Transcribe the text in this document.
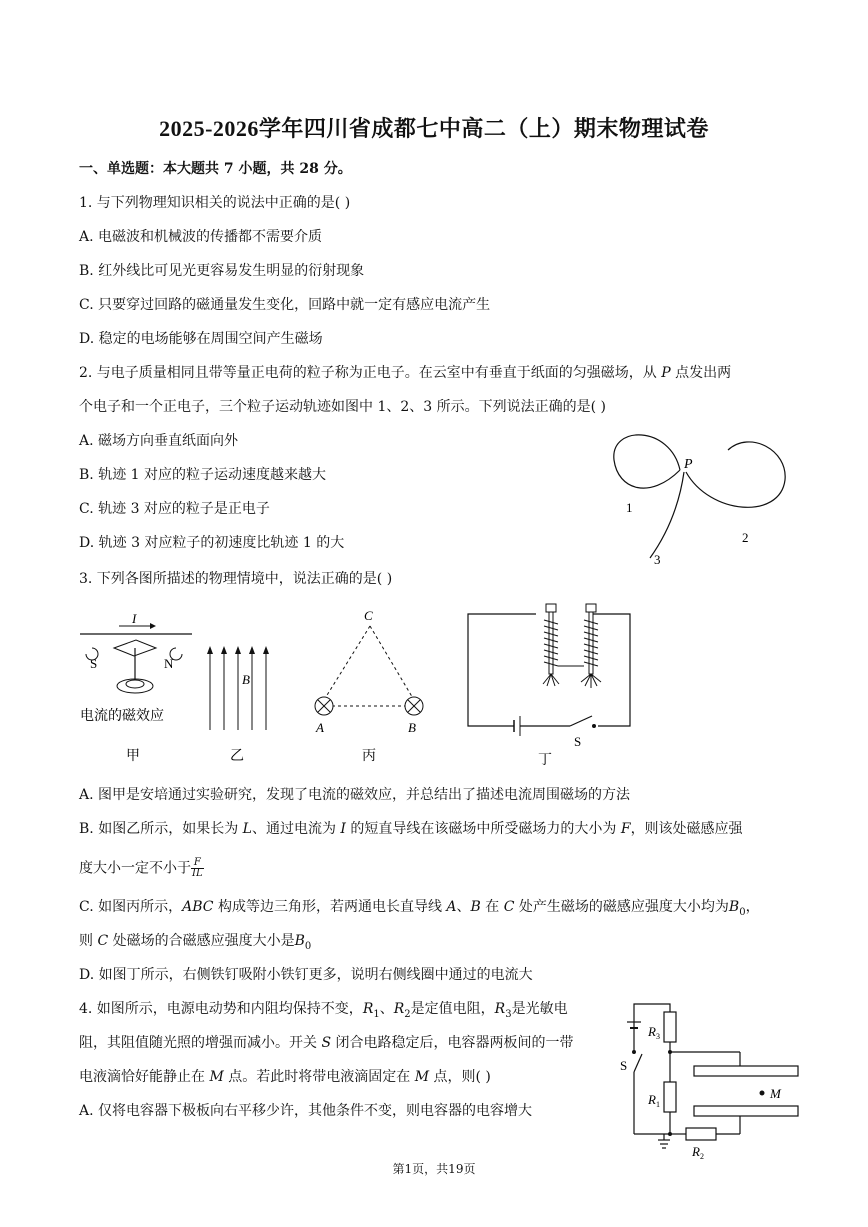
2025-2026学年四川省成都七中高二（上）期末物理试卷
一、单选题：本大题共 7 小题，共 28 分。
1. 与下列物理知识相关的说法中正确的是( )
A. 电磁波和机械波的传播都不需要介质
B. 红外线比可见光更容易发生明显的衍射现象
C. 只要穿过回路的磁通量发生变化，回路中就一定有感应电流产生
D. 稳定的电场能够在周围空间产生磁场
2. 与电子质量相同且带等量正电荷的粒子称为正电子。在云室中有垂直于纸面的匀强磁场，从 P 点发出两
个电子和一个正电子，三个粒子运动轨迹如图中 1、2、3 所示。下列说法正确的是( )
A. 磁场方向垂直纸面向外
B. 轨迹 1 对应的粒子运动速度越来越大
C. 轨迹 3 对应的粒子是正电子
D. 轨迹 3 对应粒子的初速度比轨迹 1 的大
P
1
2
3
3. 下列各图所描述的物理情境中，说法正确的是( )
I
S	N
电流的磁效应
甲
B
乙
C
A	B
丙
S
丁
A. 图甲是安培通过实验研究，发现了电流的磁效应，并总结出了描述电流周围磁场的方法
B. 如图乙所示，如果长为 L、通过电流为 I 的短直导线在该磁场中所受磁场力的大小为 F，则该处磁感应强
度大小一定不小于 $\frac{F}{IL}$
C. 如图丙所示，ABC 构成等边三角形，若两通电长直导线 A、B 在 C 处产生磁场的磁感应强度大小均为$B_0$，
则 C 处磁场的合磁感应强度大小是$B_0$
D. 如图丁所示，右侧铁钉吸附小铁钉更多，说明右侧线圈中通过的电流大
4. 如图所示，电源电动势和内阻均保持不变，$R_1$、$R_2$是定值电阻，$R_3$是光敏电
阻，其阻值随光照的增强而减小。开关 S 闭合电路稳定后，电容器两板间的一带
电液滴恰好能静止在 M 点。若此时将带电液滴固定在 M 点，则( )
A. 仅将电容器下极板向右平移少许，其他条件不变，则电容器的电容增大
$R_3$
$R_1$
$R_2$
S
M
第1页，共19页
